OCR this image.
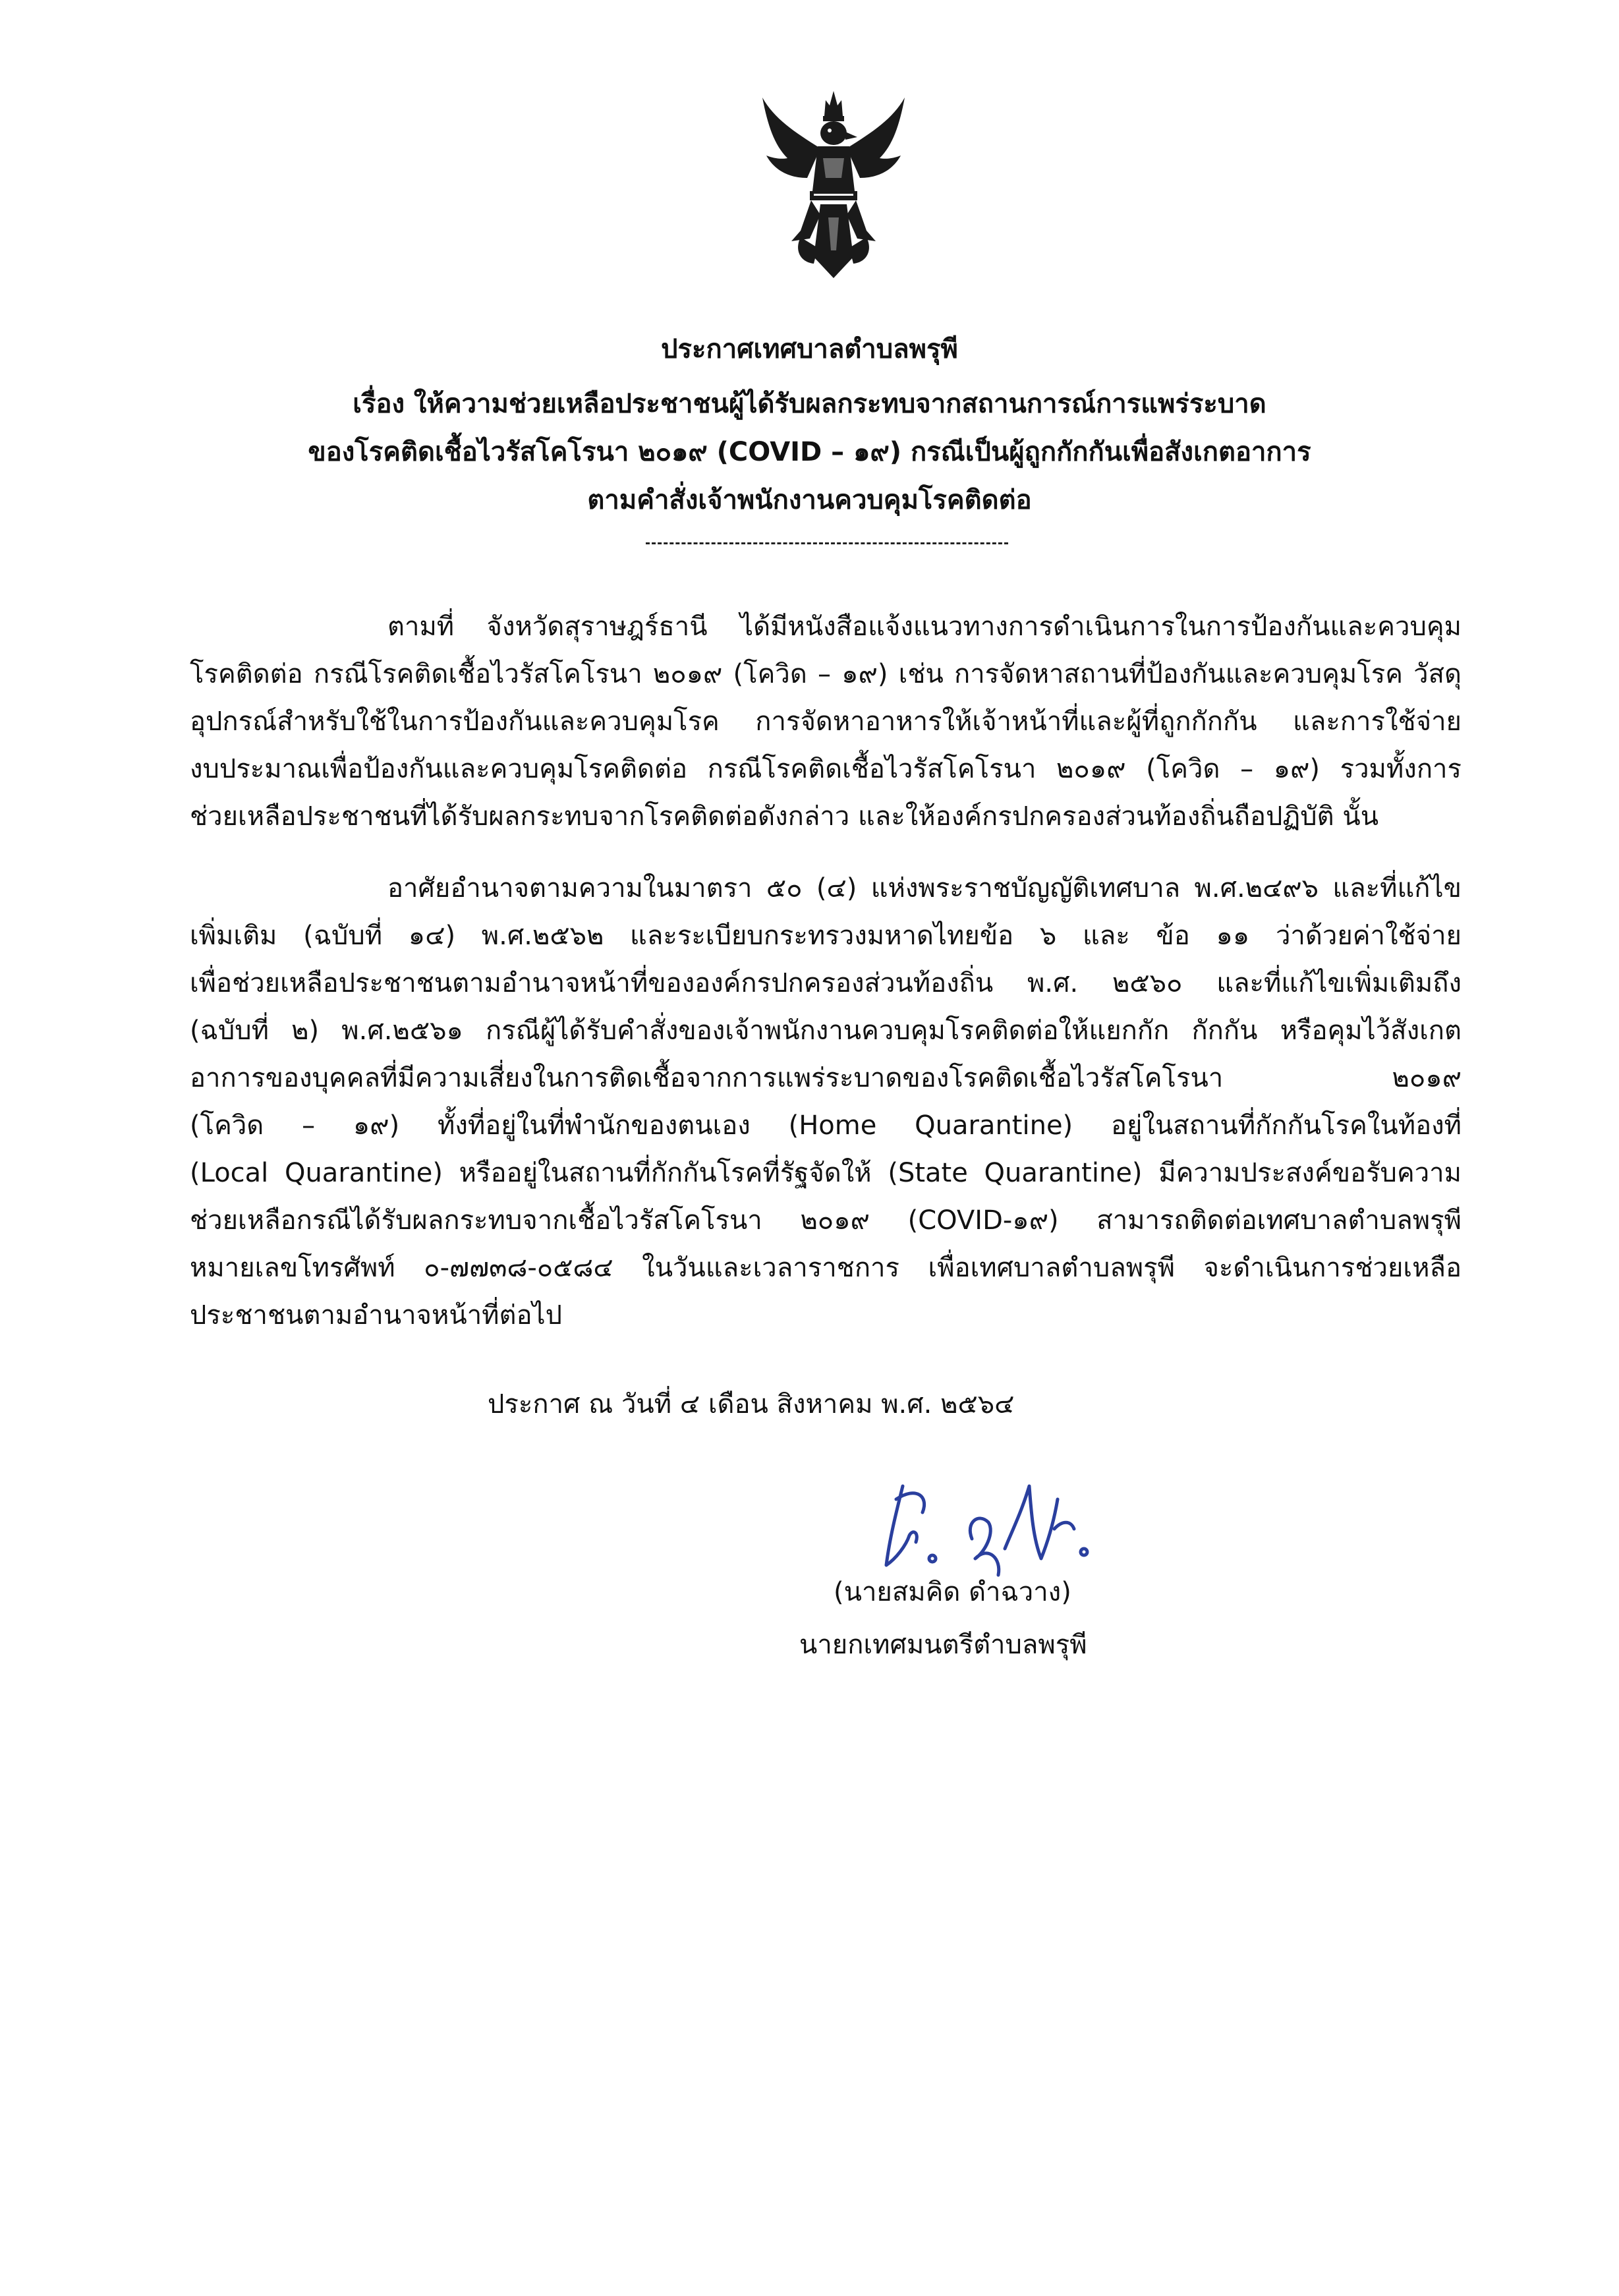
ประกาศเทศบาลตำบลพรุพี
เรื่อง ให้ความช่วยเหลือประชาชนผู้ได้รับผลกระทบจากสถานการณ์การแพร่ระบาด
ของโรคติดเชื้อไวรัสโคโรนา ๒๐๑๙ (COVID – ๑๙) กรณีเป็นผู้ถูกกักกันเพื่อสังเกตอาการ
ตามคำสั่งเจ้าพนักงานควบคุมโรคติดต่อ
ตามที่ จังหวัดสุราษฎร์ธานี ได้มีหนังสือแจ้งแนวทางการดำเนินการในการป้องกันและควบคุม
โรคติดต่อ กรณีโรคติดเชื้อไวรัสโคโรนา ๒๐๑๙ (โควิด – ๑๙) เช่น การจัดหาสถานที่ป้องกันและควบคุมโรค วัสดุ
อุปกรณ์สำหรับใช้ในการป้องกันและควบคุมโรค การจัดหาอาหารให้เจ้าหน้าที่และผู้ที่ถูกกักกัน และการใช้จ่าย
งบประมาณเพื่อป้องกันและควบคุมโรคติดต่อ กรณีโรคติดเชื้อไวรัสโคโรนา ๒๐๑๙ (โควิด – ๑๙) รวมทั้งการ
ช่วยเหลือประชาชนที่ได้รับผลกระทบจากโรคติดต่อดังกล่าว และให้องค์กรปกครองส่วนท้องถิ่นถือปฏิบัติ นั้น
อาศัยอำนาจตามความในมาตรา ๕๐ (๔) แห่งพระราชบัญญัติเทศบาล พ.ศ.๒๔๙๖ และที่แก้ไข
เพิ่มเติม (ฉบับที่ ๑๔) พ.ศ.๒๕๖๒ และระเบียบกระทรวงมหาดไทยข้อ ๖ และ ข้อ ๑๑ ว่าด้วยค่าใช้จ่าย
เพื่อช่วยเหลือประชาชนตามอำนาจหน้าที่ขององค์กรปกครองส่วนท้องถิ่น พ.ศ. ๒๕๖๐ และที่แก้ไขเพิ่มเติมถึง
(ฉบับที่ ๒) พ.ศ.๒๕๖๑ กรณีผู้ได้รับคำสั่งของเจ้าพนักงานควบคุมโรคติดต่อให้แยกกัก กักกัน หรือคุมไว้สังเกต
อาการของบุคคลที่มีความเสี่ยงในการติดเชื้อจากการแพร่ระบาดของโรคติดเชื้อไวรัสโคโรนา ๒๐๑๙
(โควิด – ๑๙) ทั้งที่อยู่ในที่พำนักของตนเอง (Home Quarantine) อยู่ในสถานที่กักกันโรคในท้องที่
(Local Quarantine) หรืออยู่ในสถานที่กักกันโรคที่รัฐจัดให้ (State Quarantine) มีความประสงค์ขอรับความ
ช่วยเหลือกรณีได้รับผลกระทบจากเชื้อไวรัสโคโรนา ๒๐๑๙ (COVID-๑๙) สามารถติดต่อเทศบาลตำบลพรุพี
หมายเลขโทรศัพท์ ๐-๗๗๓๘-๐๕๘๔ ในวันและเวลาราชการ เพื่อเทศบาลตำบลพรุพี จะดำเนินการช่วยเหลือ
ประชาชนตามอำนาจหน้าที่ต่อไป
ประกาศ ณ วันที่ ๔ เดือน สิงหาคม พ.ศ. ๒๕๖๔
(นายสมคิด ดำฉวาง)
นายกเทศมนตรีตำบลพรุพี
